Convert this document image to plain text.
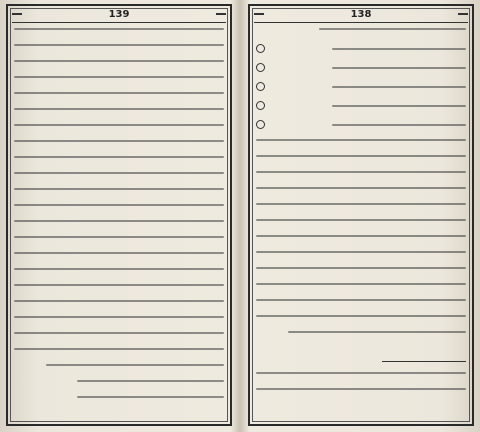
139	138
